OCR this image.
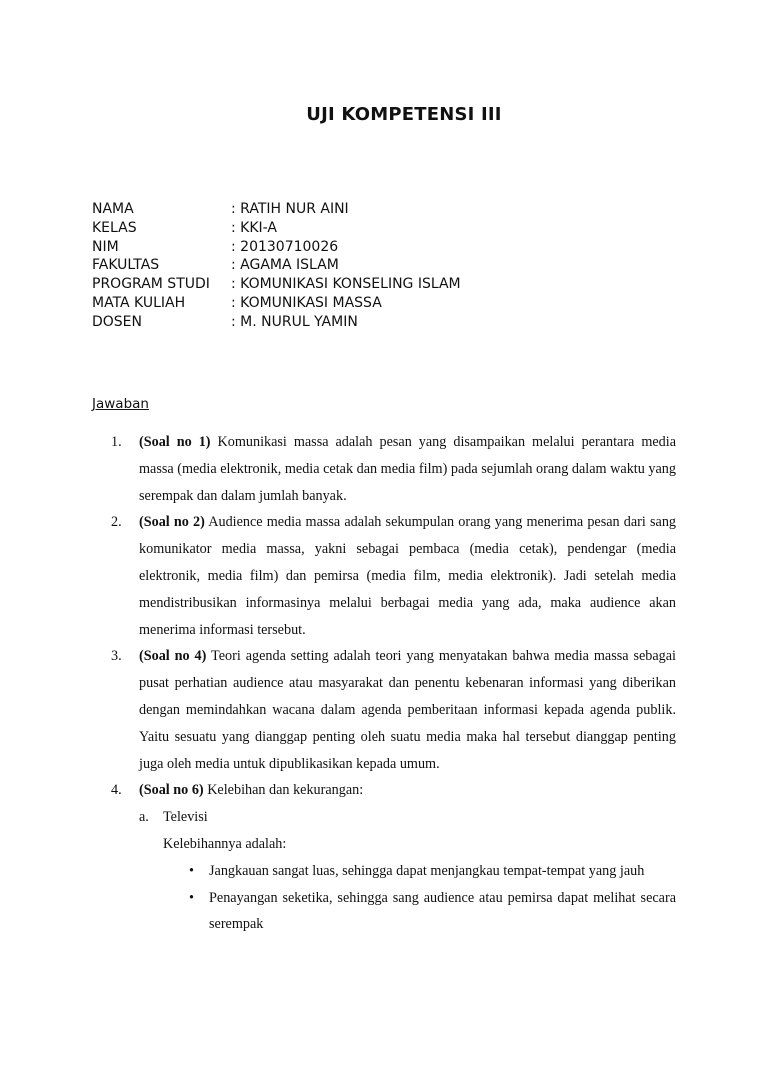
UJI KOMPETENSI III
NAMA	: RATIH NUR AINI
KELAS	: KKI-A
NIM	: 20130710026
FAKULTAS	: AGAMA ISLAM
PROGRAM STUDI : KOMUNIKASI KONSELING ISLAM
MATA KULIAH	: KOMUNIKASI MASSA
DOSEN	: M. NURUL YAMIN
Jawaban
1. (Soal no 1) Komunikasi massa adalah pesan yang disampaikan melalui perantara media massa (media elektronik, media cetak dan media film) pada sejumlah orang dalam waktu yang serempak dan dalam jumlah banyak.
2. (Soal no 2) Audience media massa adalah sekumpulan orang yang menerima pesan dari sang komunikator media massa, yakni sebagai pembaca (media cetak), pendengar (media elektronik, media film) dan pemirsa (media film, media elektronik). Jadi setelah media mendistribusikan informasinya melalui berbagai media yang ada, maka audience akan menerima informasi tersebut.
3. (Soal no 4) Teori agenda setting adalah teori yang menyatakan bahwa media massa sebagai pusat perhatian audience atau masyarakat dan penentu kebenaran informasi yang diberikan dengan memindahkan wacana dalam agenda pemberitaan informasi kepada agenda publik. Yaitu sesuatu yang dianggap penting oleh suatu media maka hal tersebut dianggap penting juga oleh media untuk dipublikasikan kepada umum.
4. (Soal no 6) Kelebihan dan kekurangan:
a. Televisi
Kelebihannya adalah:
• Jangkauan sangat luas, sehingga dapat menjangkau tempat-tempat yang jauh
• Penayangan seketika, sehingga sang audience atau pemirsa dapat melihat secara serempak
